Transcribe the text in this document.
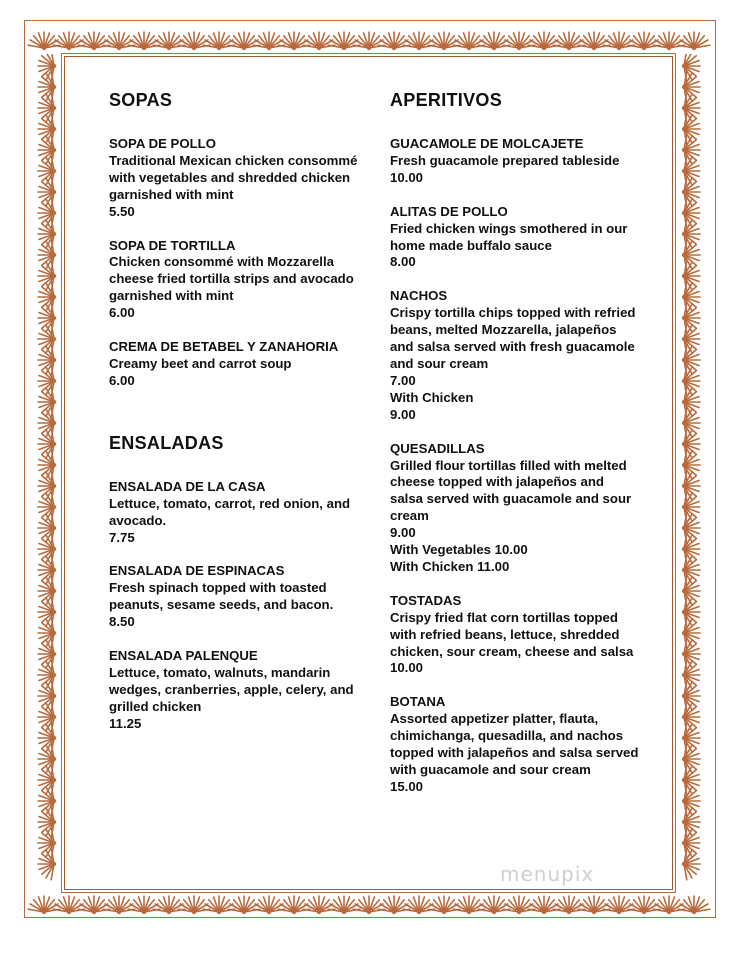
SOPAS
SOPA DE POLLO
Traditional Mexican chicken consommé with vegetables and shredded chicken garnished with mint
5.50
SOPA DE TORTILLA
Chicken consommé with Mozzarella cheese fried tortilla strips and avocado garnished with mint
6.00
CREMA DE BETABEL Y ZANAHORIA
Creamy beet and carrot soup
6.00
ENSALADAS
ENSALADA DE LA CASA
Lettuce, tomato, carrot, red onion, and avocado.
7.75
ENSALADA DE ESPINACAS
Fresh spinach topped with toasted peanuts, sesame seeds, and bacon.
8.50
ENSALADA PALENQUE
Lettuce, tomato, walnuts, mandarin wedges, cranberries, apple, celery, and grilled chicken
11.25
APERITIVOS
GUACAMOLE DE MOLCAJETE
Fresh guacamole prepared tableside
10.00
ALITAS DE POLLO
Fried chicken wings smothered in our home made buffalo sauce
8.00
NACHOS
Crispy tortilla chips topped with refried beans, melted Mozzarella, jalapeños and salsa served with fresh guacamole and sour cream
7.00
With Chicken
9.00
QUESADILLAS
Grilled flour tortillas filled with melted cheese topped with jalapeños and salsa served with guacamole and sour cream
9.00
With Vegetables 10.00
With Chicken 11.00
TOSTADAS
Crispy fried flat corn tortillas topped with refried beans, lettuce, shredded chicken, sour cream, cheese and salsa
10.00
BOTANA
Assorted appetizer platter, flauta, chimichanga, quesadilla, and nachos topped with jalapeños and salsa served with guacamole and sour cream
15.00
menupix
